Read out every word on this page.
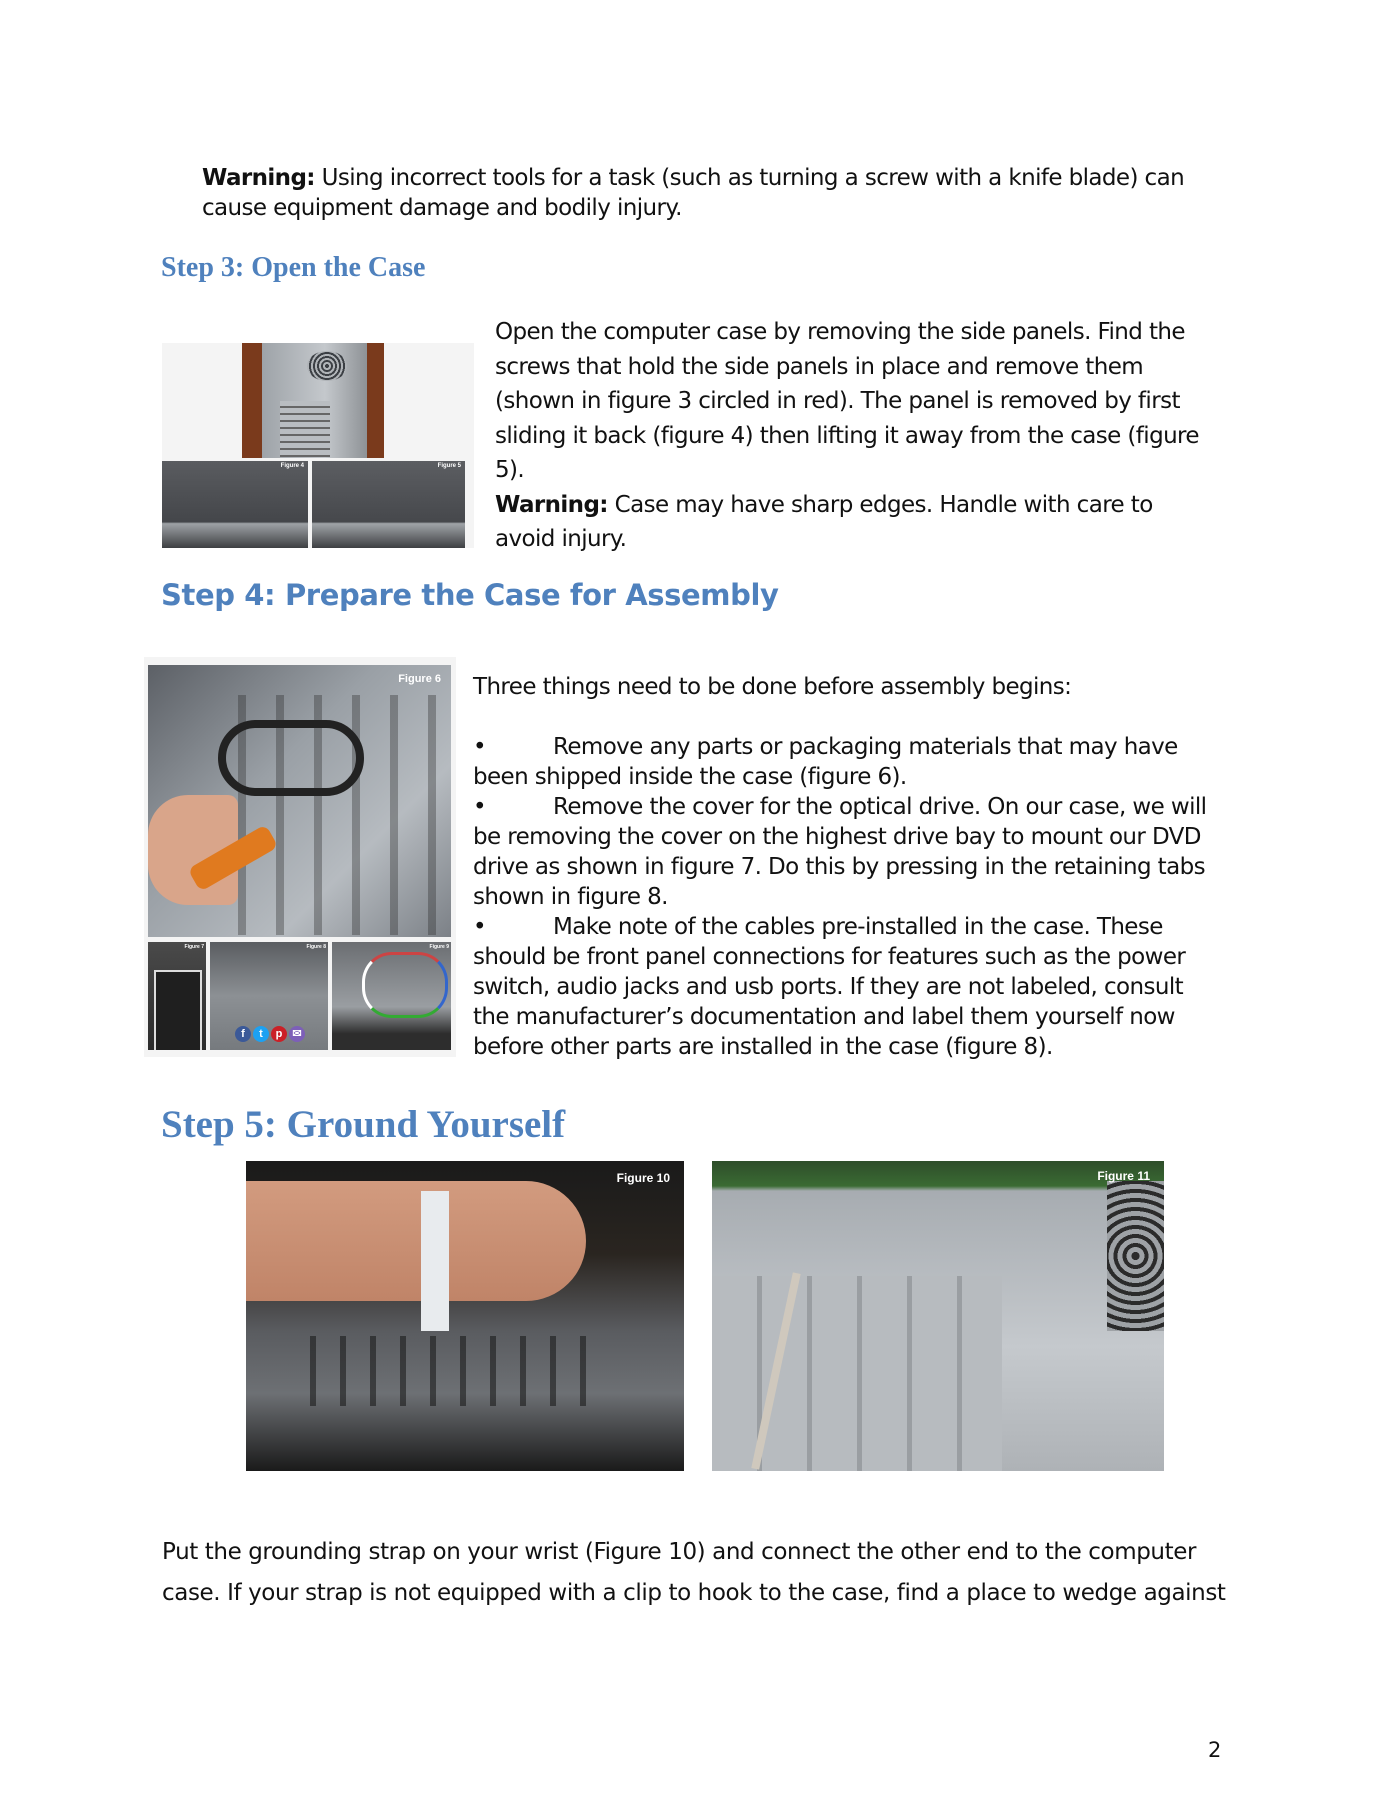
Warning: Using incorrect tools for a task (such as turning a screw with a knife blade) can
cause equipment damage and bodily injury.
Step 3: Open the Case
Figure 4	Figure 5
Open the computer case by removing the side panels. Find the
screws that hold the side panels in place and remove them
(shown in figure 3 circled in red). The panel is removed by first
sliding it back (figure 4) then lifting it away from the case (figure
5).
Warning: Case may have sharp edges. Handle with care to
avoid injury.
Step 4: Prepare the Case for Assembly
Figure 6
Figure 7	Figure 8
f	t	p ✉
Figure 9
Three things need to be done before assembly begins:
•	Remove any parts or packaging materials that may have
been shipped inside the case (figure 6).
•	Remove the cover for the optical drive. On our case, we will
be removing the cover on the highest drive bay to mount our DVD
drive as shown in figure 7. Do this by pressing in the retaining tabs
shown in figure 8.
•	Make note of the cables pre-installed in the case. These
should be front panel connections for features such as the power
switch, audio jacks and usb ports. If they are not labeled, consult
the manufacturer’s documentation and label them yourself now
before other parts are installed in the case (figure 8).
Step 5: Ground Yourself
Figure 10	Figure 11
Put the grounding strap on your wrist (Figure 10) and connect the other end to the computer
case. If your strap is not equipped with a clip to hook to the case, find a place to wedge against
2
